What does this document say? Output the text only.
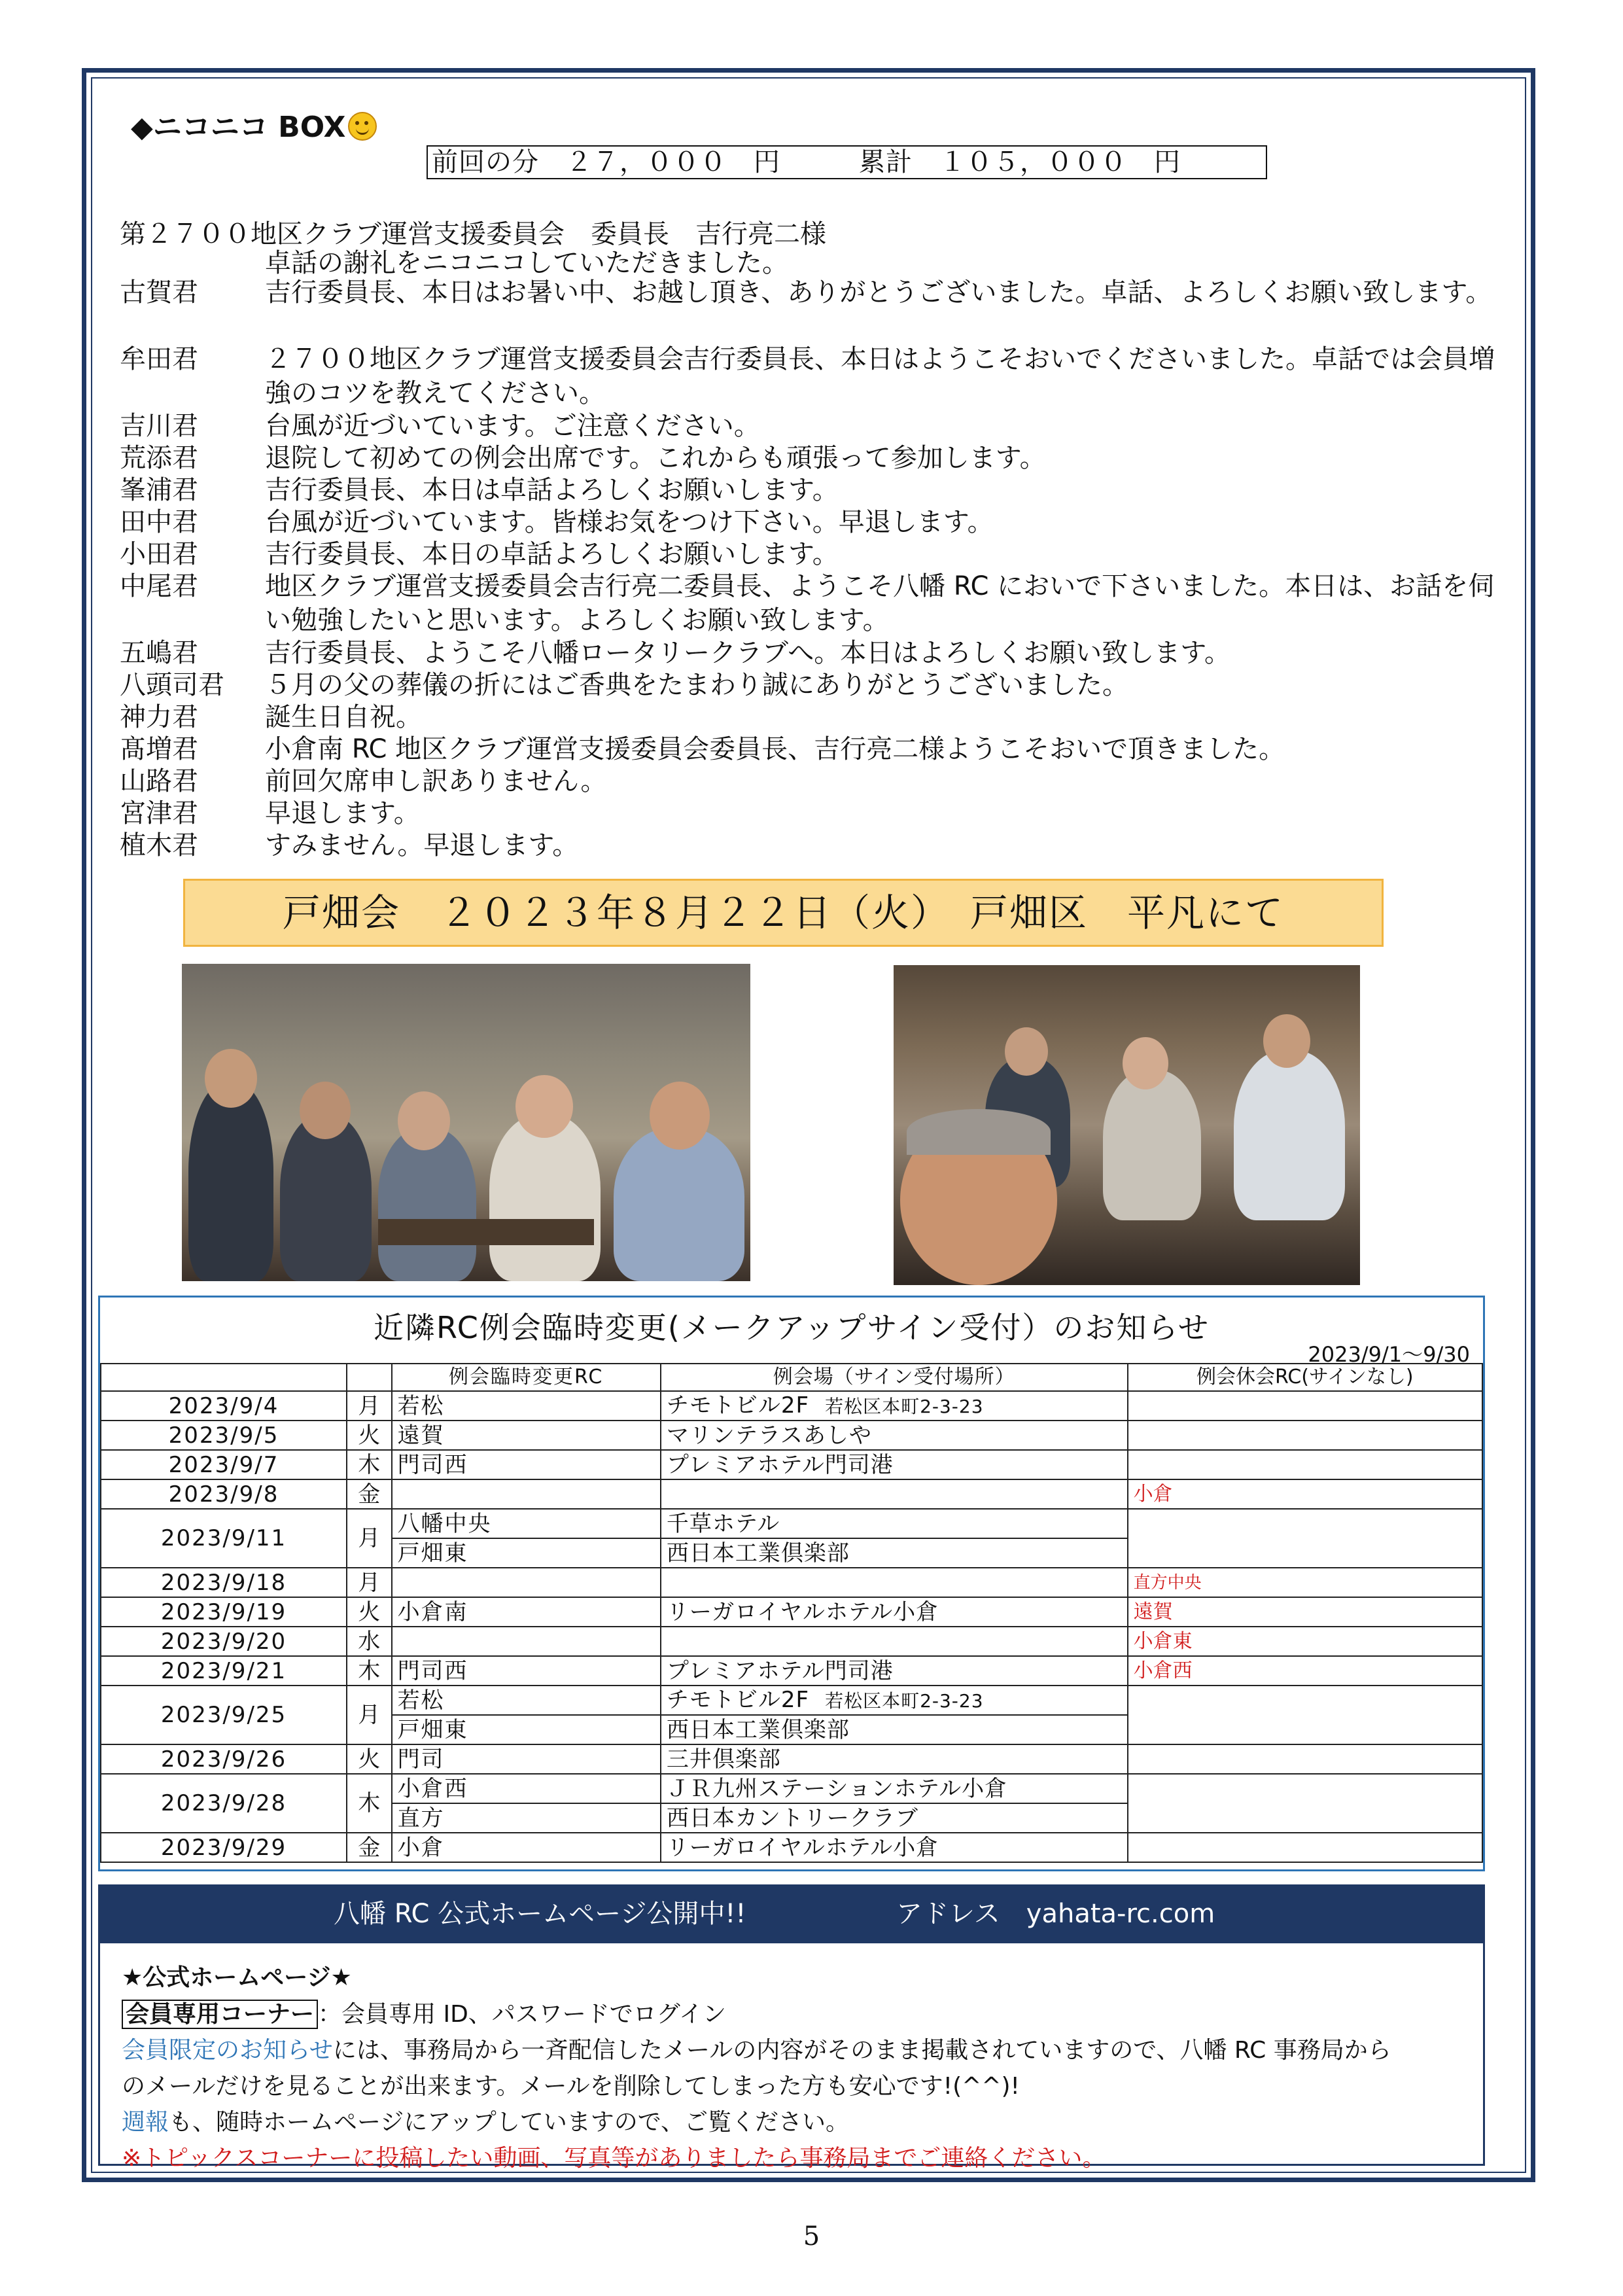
◆ニコニコ BOX
前回の分　２７，０００　円	累計　１０５，０００　円
第２７００地区クラブ運営支援委員会　委員長　吉行亮二様
卓話の謝礼をニコニコしていただきました。
古賀君	吉行委員長、本日はお暑い中、お越し頂き、ありがとうございました。卓話、よろしくお願い致します。
牟田君	２７００地区クラブ運営支援委員会吉行委員長、本日はようこそおいでくださいました。卓話では会員増強のコツを教えてください。
吉川君	台風が近づいています。ご注意ください。
荒添君	退院して初めての例会出席です。これからも頑張って参加します。
峯浦君	吉行委員長、本日は卓話よろしくお願いします。
田中君	台風が近づいています。皆様お気をつけ下さい。早退します。
小田君	吉行委員長、本日の卓話よろしくお願いします。
中尾君	地区クラブ運営支援委員会吉行亮二委員長、ようこそ八幡 RC においで下さいました。本日は、お話を伺い勉強したいと思います。よろしくお願い致します。
五嶋君	吉行委員長、ようこそ八幡ロータリークラブへ。本日はよろしくお願い致します。
八頭司君 ５月の父の葬儀の折にはご香典をたまわり誠にありがとうございました。
神力君	誕生日自祝。
髙増君	小倉南 RC 地区クラブ運営支援委員会委員長、吉行亮二様ようこそおいで頂きました。
山路君	前回欠席申し訳ありません。
宮津君	早退します。
植木君	すみません。早退します。
戸畑会　２０２３年８月２２日（火）　戸畑区　平凡にて
近隣RC例会臨時変更(メークアップサイン受付）のお知らせ
2023/9/1～9/30
		例会臨時変更RC	例会場（サイン受付場所）	例会休会RC(サインなし)
2023/9/4	月	若松	チモトビル2F 若松区本町2-3-23	
2023/9/5	火	遠賀	マリンテラスあしや	
2023/9/7	木	門司西	プレミアホテル門司港	
2023/9/8	金			小倉
2023/9/11	月	八幡中央	千草ホテル	
		戸畑東	西日本工業倶楽部	
2023/9/18	月			直方中央
2023/9/19	火	小倉南	リーガロイヤルホテル小倉	遠賀
2023/9/20	水			小倉東
2023/9/21	木	門司西	プレミアホテル門司港	小倉西
2023/9/25	月	若松	チモトビル2F 若松区本町2-3-23	
		戸畑東	西日本工業倶楽部	
2023/9/26	火	門司	三井倶楽部	
2023/9/28	木	小倉西	ＪＲ九州ステーションホテル小倉	
		直方	西日本カントリークラブ	
2023/9/29	金	小倉	リーガロイヤルホテル小倉	
八幡 RC 公式ホームページ公開中!!	アドレス　yahata-rc.com
★公式ホームページ★
会員専用コーナー ：会員専用 ID、パスワードでログイン
会員限定のお知らせには、事務局から一斉配信したメールの内容がそのまま掲載されていますので、八幡 RC 事務局から
のメールだけを見ることが出来ます。メールを削除してしまった方も安心です!(^^)!
週報も、随時ホームページにアップしていますので、ご覧ください。
※トピックスコーナーに投稿したい動画、写真等がありましたら事務局までご連絡ください。
5
